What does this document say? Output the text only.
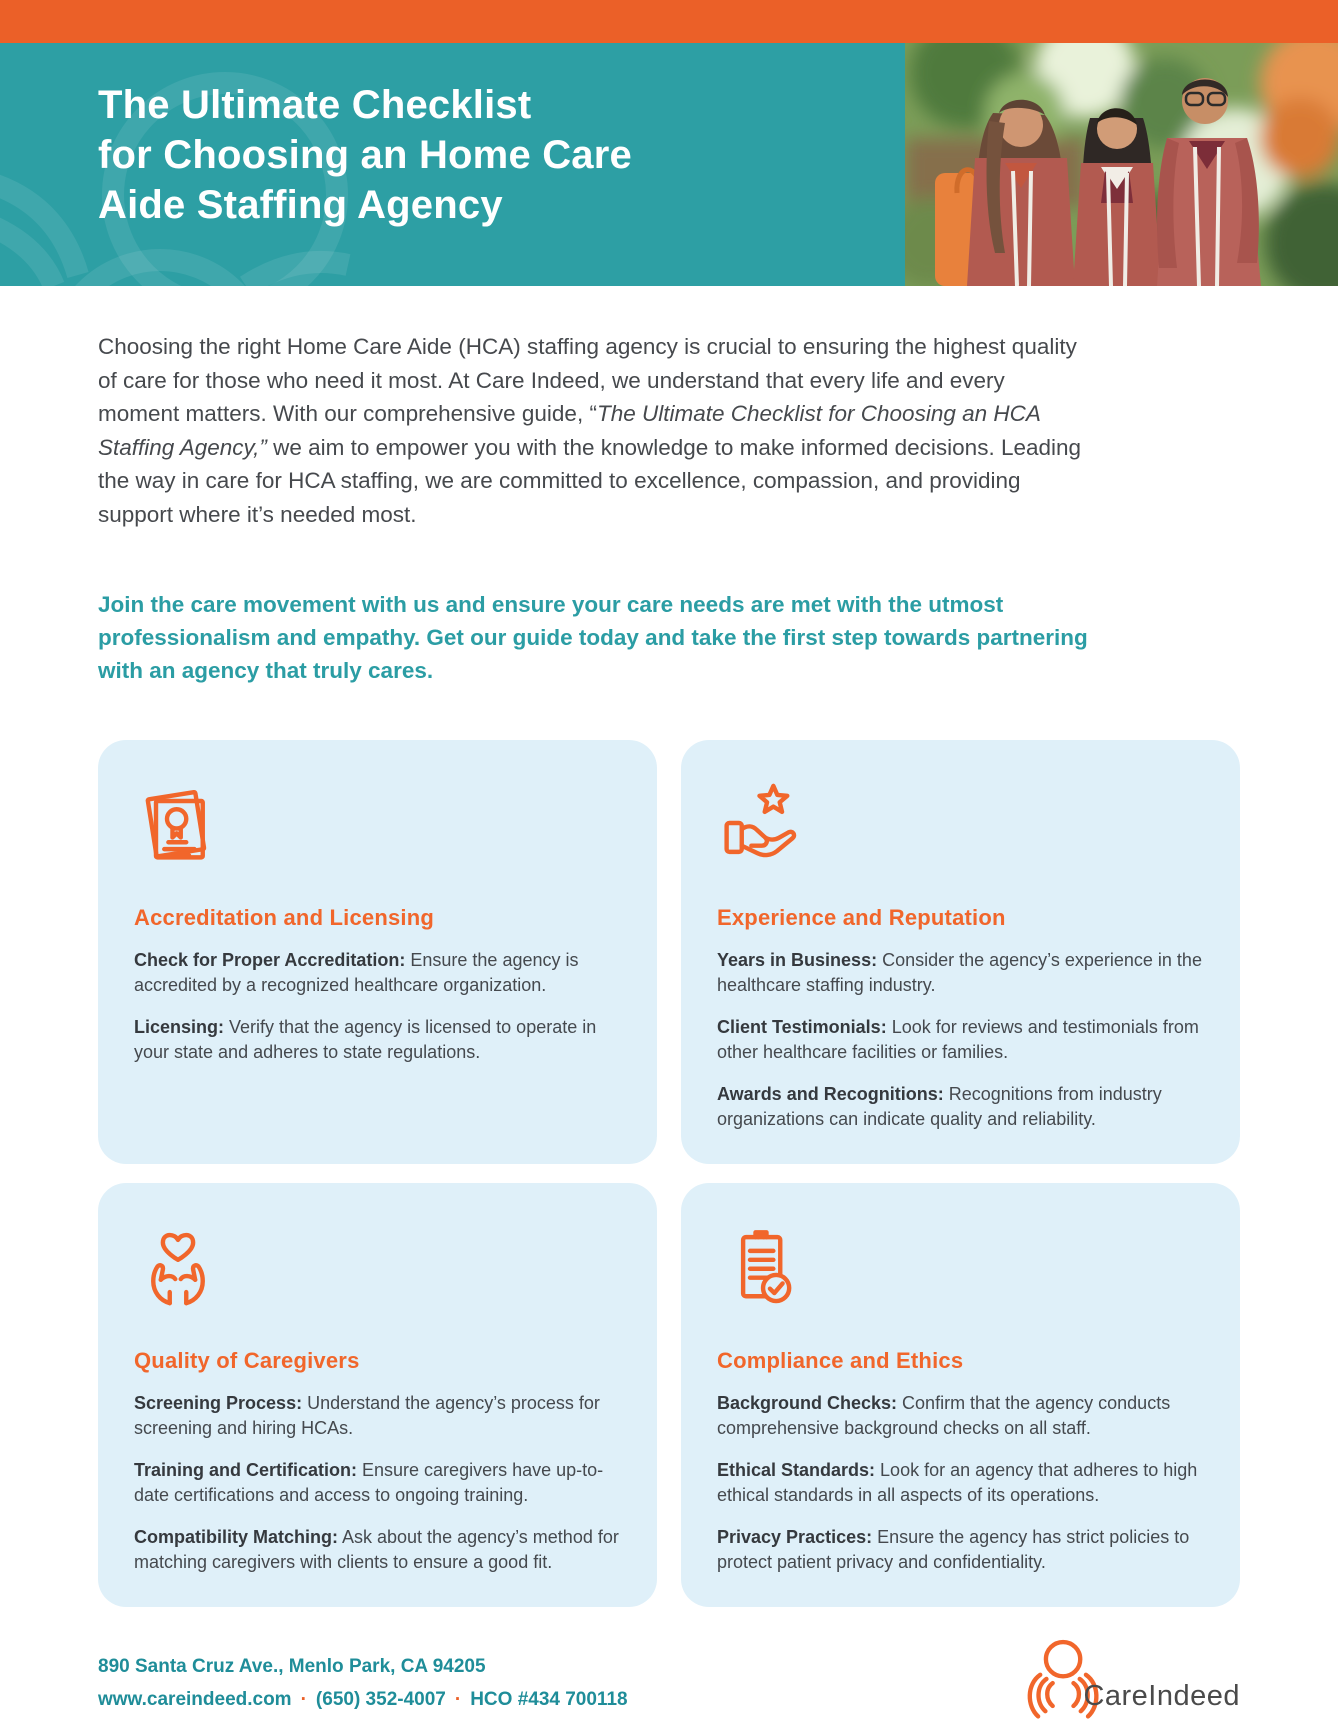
The Ultimate Checklist
for Choosing an Home Care
Aide Staffing Agency

Choosing the right Home Care Aide (HCA) staffing agency is crucial to ensuring the highest quality of care for those who need it most. At Care Indeed, we understand that every life and every moment matters. With our comprehensive guide, “The Ultimate Checklist for Choosing an HCA Staffing Agency,” we aim to empower you with the knowledge to make informed decisions. Leading the way in care for HCA staffing, we are committed to excellence, compassion, and providing support where it’s needed most.

Join the care movement with us and ensure your care needs are met with the utmost professionalism and empathy. Get our guide today and take the first step towards partnering with an agency that truly cares.

Accreditation and Licensing

Check for Proper Accreditation: Ensure the agency is accredited by a recognized healthcare organization.

Licensing: Verify that the agency is licensed to operate in your state and adheres to state regulations.

Experience and Reputation

Years in Business: Consider the agency’s experience in the healthcare staffing industry.

Client Testimonials: Look for reviews and testimonials from other healthcare facilities or families.

Awards and Recognitions: Recognitions from industry organizations can indicate quality and reliability.

Quality of Caregivers

Screening Process: Understand the agency’s process for screening and hiring HCAs.

Training and Certification: Ensure caregivers have up-to-date certifications and access to ongoing training.

Compatibility Matching: Ask about the agency’s method for matching caregivers with clients to ensure a good fit.

Compliance and Ethics

Background Checks: Confirm that the agency conducts comprehensive background checks on all staff.

Ethical Standards: Look for an agency that adheres to high ethical standards in all aspects of its operations.

Privacy Practices: Ensure the agency has strict policies to protect patient privacy and confidentiality.

890 Santa Cruz Ave., Menlo Park, CA 94205
www.careindeed.com · (650) 352-4007 · HCO #434 700118	CareIndeed
